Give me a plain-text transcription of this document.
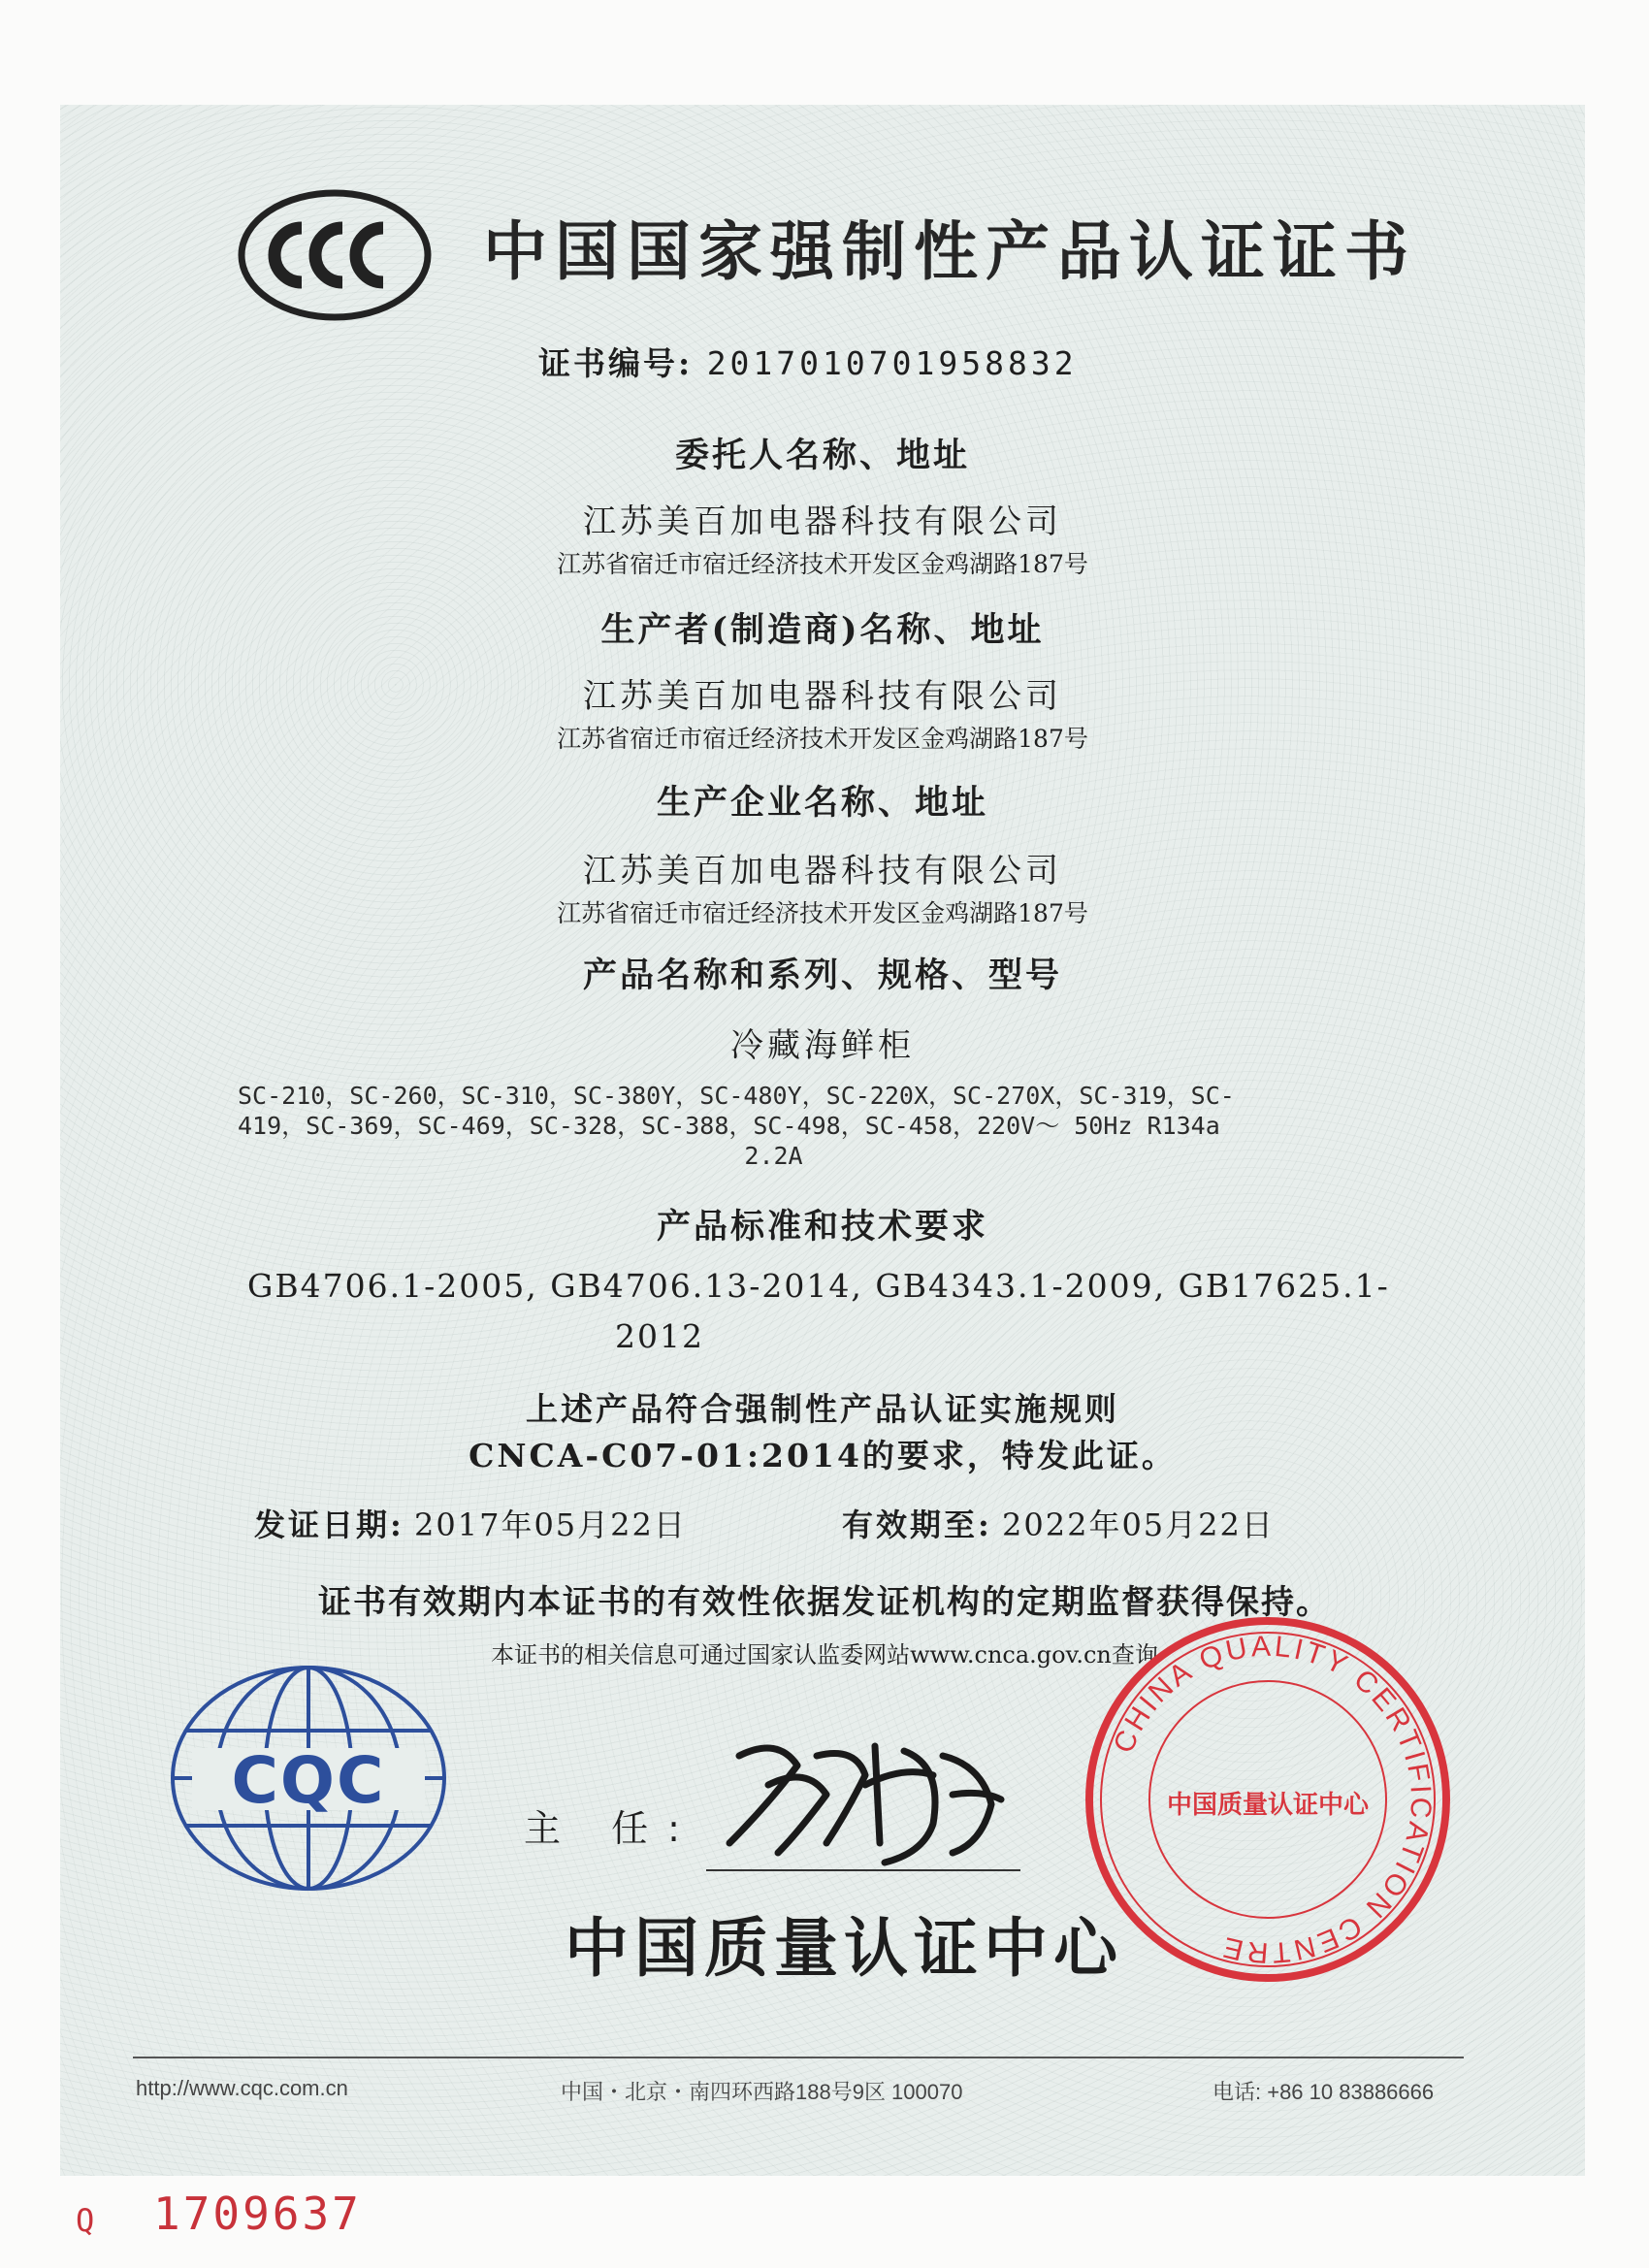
中国国家强制性产品认证证书
证书编号: 2017010701958832
委托人名称、地址
江苏美百加电器科技有限公司
江苏省宿迁市宿迁经济技术开发区金鸡湖路187号
生产者(制造商)名称、地址
江苏美百加电器科技有限公司
江苏省宿迁市宿迁经济技术开发区金鸡湖路187号
生产企业名称、地址
江苏美百加电器科技有限公司
江苏省宿迁市宿迁经济技术开发区金鸡湖路187号
产品名称和系列、规格、型号
冷藏海鲜柜
SC-210，SC-260，SC-310，SC-380Y，SC-480Y，SC-220X，SC-270X，SC-319，SC-
419，SC-369，SC-469，SC-328，SC-388，SC-498，SC-458，220V～ 50Hz R134a
2.2A
产品标准和技术要求
GB4706.1-2005, GB4706.13-2014, GB4343.1-2009, GB17625.1-
2012
上述产品符合强制性产品认证实施规则
CNCA-C07-01:2014的要求，特发此证。
发证日期: 2017年05月22日	有效期至: 2022年05月22日
证书有效期内本证书的有效性依据发证机构的定期监督获得保持。
本证书的相关信息可通过国家认监委网站www.cnca.gov.cn查询
CQC
主 任:
CHINA QUALITY CERTIFICATION CENTRE
中国质量认证中心
中国质量认证中心
http://www.cqc.com.cn	中国・北京・南四环西路188号9区 100070	电话: +86 10 83886666
Q 1709637
